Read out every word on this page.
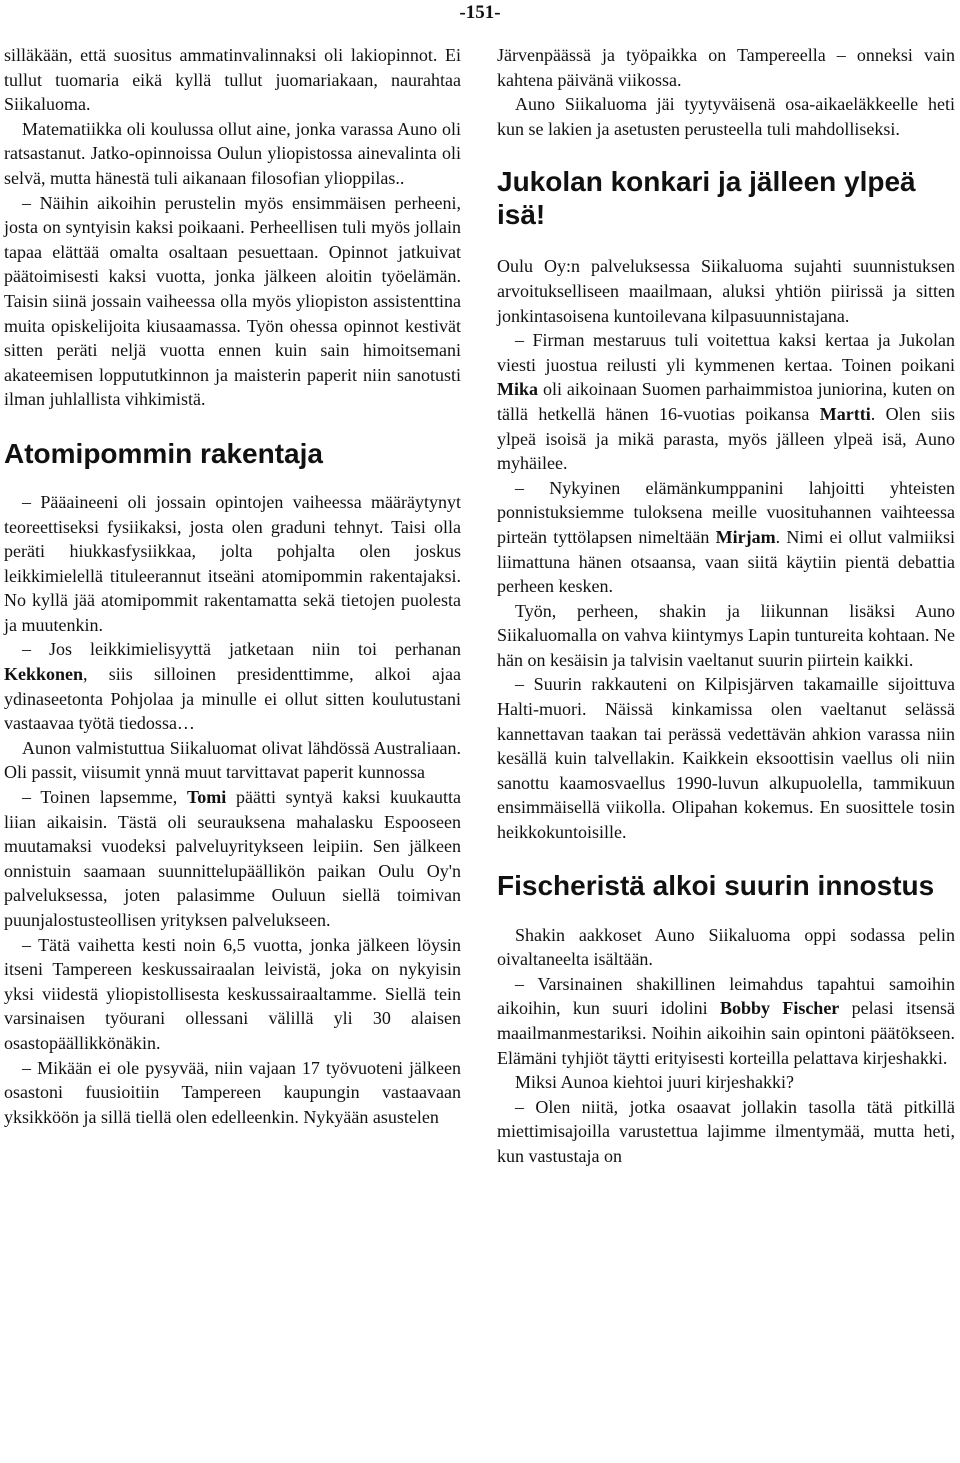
-151-

silläkään, että suositus ammatinvalinnaksi oli lakiopinnot. Ei tullut tuomaria eikä kyllä tullut juomariakaan, naurahtaa Siikaluoma.

Matematiikka oli koulussa ollut aine, jonka varassa Auno oli ratsastanut. Jatko-opinnoissa Oulun yliopistossa ainevalinta oli selvä, mutta hänestä tuli aikanaan filosofian ylioppilas..

– Näihin aikoihin perustelin myös ensimmäisen perheeni, josta on syntyisin kaksi poikaani. Perheellisen tuli myös jollain tapaa elättää omalta osaltaan pesuettaan. Opinnot jatkuivat päätoimisesti kaksi vuotta, jonka jälkeen aloitin työelämän. Taisin siinä jossain vaiheessa olla myös yliopiston assistenttina muita opiskelijoita kiusaamassa. Työn ohessa opinnot kestivät sitten peräti neljä vuotta ennen kuin sain himoitsemani akateemisen loppututkinnon ja maisterin paperit niin sanotusti ilman juhlallista vihkimistä.

Atomipommin rakentaja

– Pääaineeni oli jossain opintojen vaiheessa määräytynyt teoreettiseksi fysiikaksi, josta olen graduni tehnyt. Taisi olla peräti hiukkasfysiikkaa, jolta pohjalta olen joskus leikkimielellä tituleerannut itseäni atomipommin rakentajaksi. No kyllä jää atomipommit rakentamatta sekä tietojen puolesta ja muutenkin.

– Jos leikkimielisyyttä jatketaan niin toi perhanan Kekkonen, siis silloinen presidenttimme, alkoi ajaa ydinaseetonta Pohjolaa ja minulle ei ollut sitten koulutustani vastaavaa työtä tiedossa…

Aunon valmistuttua Siikaluomat olivat lähdössä Australiaan. Oli passit, viisumit ynnä muut tarvittavat paperit kunnossa

– Toinen lapsemme, Tomi päätti syntyä kaksi kuukautta liian aikaisin. Tästä oli seurauksena mahalasku Espooseen muutamaksi vuodeksi palveluyritykseen leipiin. Sen jälkeen onnistuin saamaan suunnittelupäällikön paikan Oulu Oy'n palveluksessa, joten palasimme Ouluun siellä toimivan puunjalostusteollisen yrityksen palvelukseen.

– Tätä vaihetta kesti noin 6,5 vuotta, jonka jälkeen löysin itseni Tampereen keskussairaalan leivistä, joka on nykyisin yksi viidestä yliopistollisesta keskussairaaltamme. Siellä tein varsinaisen työurani ollessani välillä yli 30 alaisen osastopäällikkönäkin.

– Mikään ei ole pysyvää, niin vajaan 17 työvuoteni jälkeen osastoni fuusioitiin Tampereen kaupungin vastaavaan yksikköön ja sillä tiellä olen edelleenkin. Nykyään asustelen

Järvenpäässä ja työpaikka on Tampereella – onneksi vain kahtena päivänä viikossa.

Auno Siikaluoma jäi tyytyväisenä osa-aikaeläkkeelle heti kun se lakien ja asetusten perusteella tuli mahdolliseksi.

Jukolan konkari ja jälleen ylpeä isä!

Oulu Oy:n palveluksessa Siikaluoma sujahti suunnistuksen arvoitukselliseen maailmaan, aluksi yhtiön piirissä ja sitten jonkintasoisena kuntoilevana kilpasuunnistajana.

– Firman mestaruus tuli voitettua kaksi kertaa ja Jukolan viesti juostua reilusti yli kymmenen kertaa. Toinen poikani Mika oli aikoinaan Suomen parhaimmistoa juniorina, kuten on tällä hetkellä hänen 16-vuotias poikansa Martti. Olen siis ylpeä isoisä ja mikä parasta, myös jälleen ylpeä isä, Auno myhäilee.

– Nykyinen elämänkumppanini lahjoitti yhteisten ponnistuksiemme tuloksena meille vuosituhannen vaihteessa pirteän tyttölapsen nimeltään Mirjam. Nimi ei ollut valmiiksi liimattuna hänen otsaansa, vaan siitä käytiin pientä debattia perheen kesken.

Työn, perheen, shakin ja liikunnan lisäksi Auno Siikaluomalla on vahva kiintymys Lapin tuntureita kohtaan. Ne hän on kesäisin ja talvisin vaeltanut suurin piirtein kaikki.

– Suurin rakkauteni on Kilpisjärven takamaille sijoittuva Halti-muori. Näissä kinkamissa olen vaeltanut selässä kannettavan taakan tai perässä vedettävän ahkion varassa niin kesällä kuin talvellakin. Kaikkein eksoottisin vaellus oli niin sanottu kaamosvaellus 1990-luvun alkupuolella, tammikuun ensimmäisellä viikolla. Olipahan kokemus. En suosittele tosin heikkokuntoisille.

Fischeristä alkoi suurin innostus

Shakin aakkoset Auno Siikaluoma oppi sodassa pelin oivaltaneelta isältään.

– Varsinainen shakillinen leimahdus tapahtui samoihin aikoihin, kun suuri idolini Bobby Fischer pelasi itsensä maailmanmestariksi. Noihin aikoihin sain opintoni päätökseen. Elämäni tyhjiöt täytti erityisesti korteilla pelattava kirjeshakki.

Miksi Aunoa kiehtoi juuri kirjeshakki?

– Olen niitä, jotka osaavat jollakin tasolla tätä pitkillä miettimisajoilla varustettua lajimme ilmentymää, mutta heti, kun vastustaja on
